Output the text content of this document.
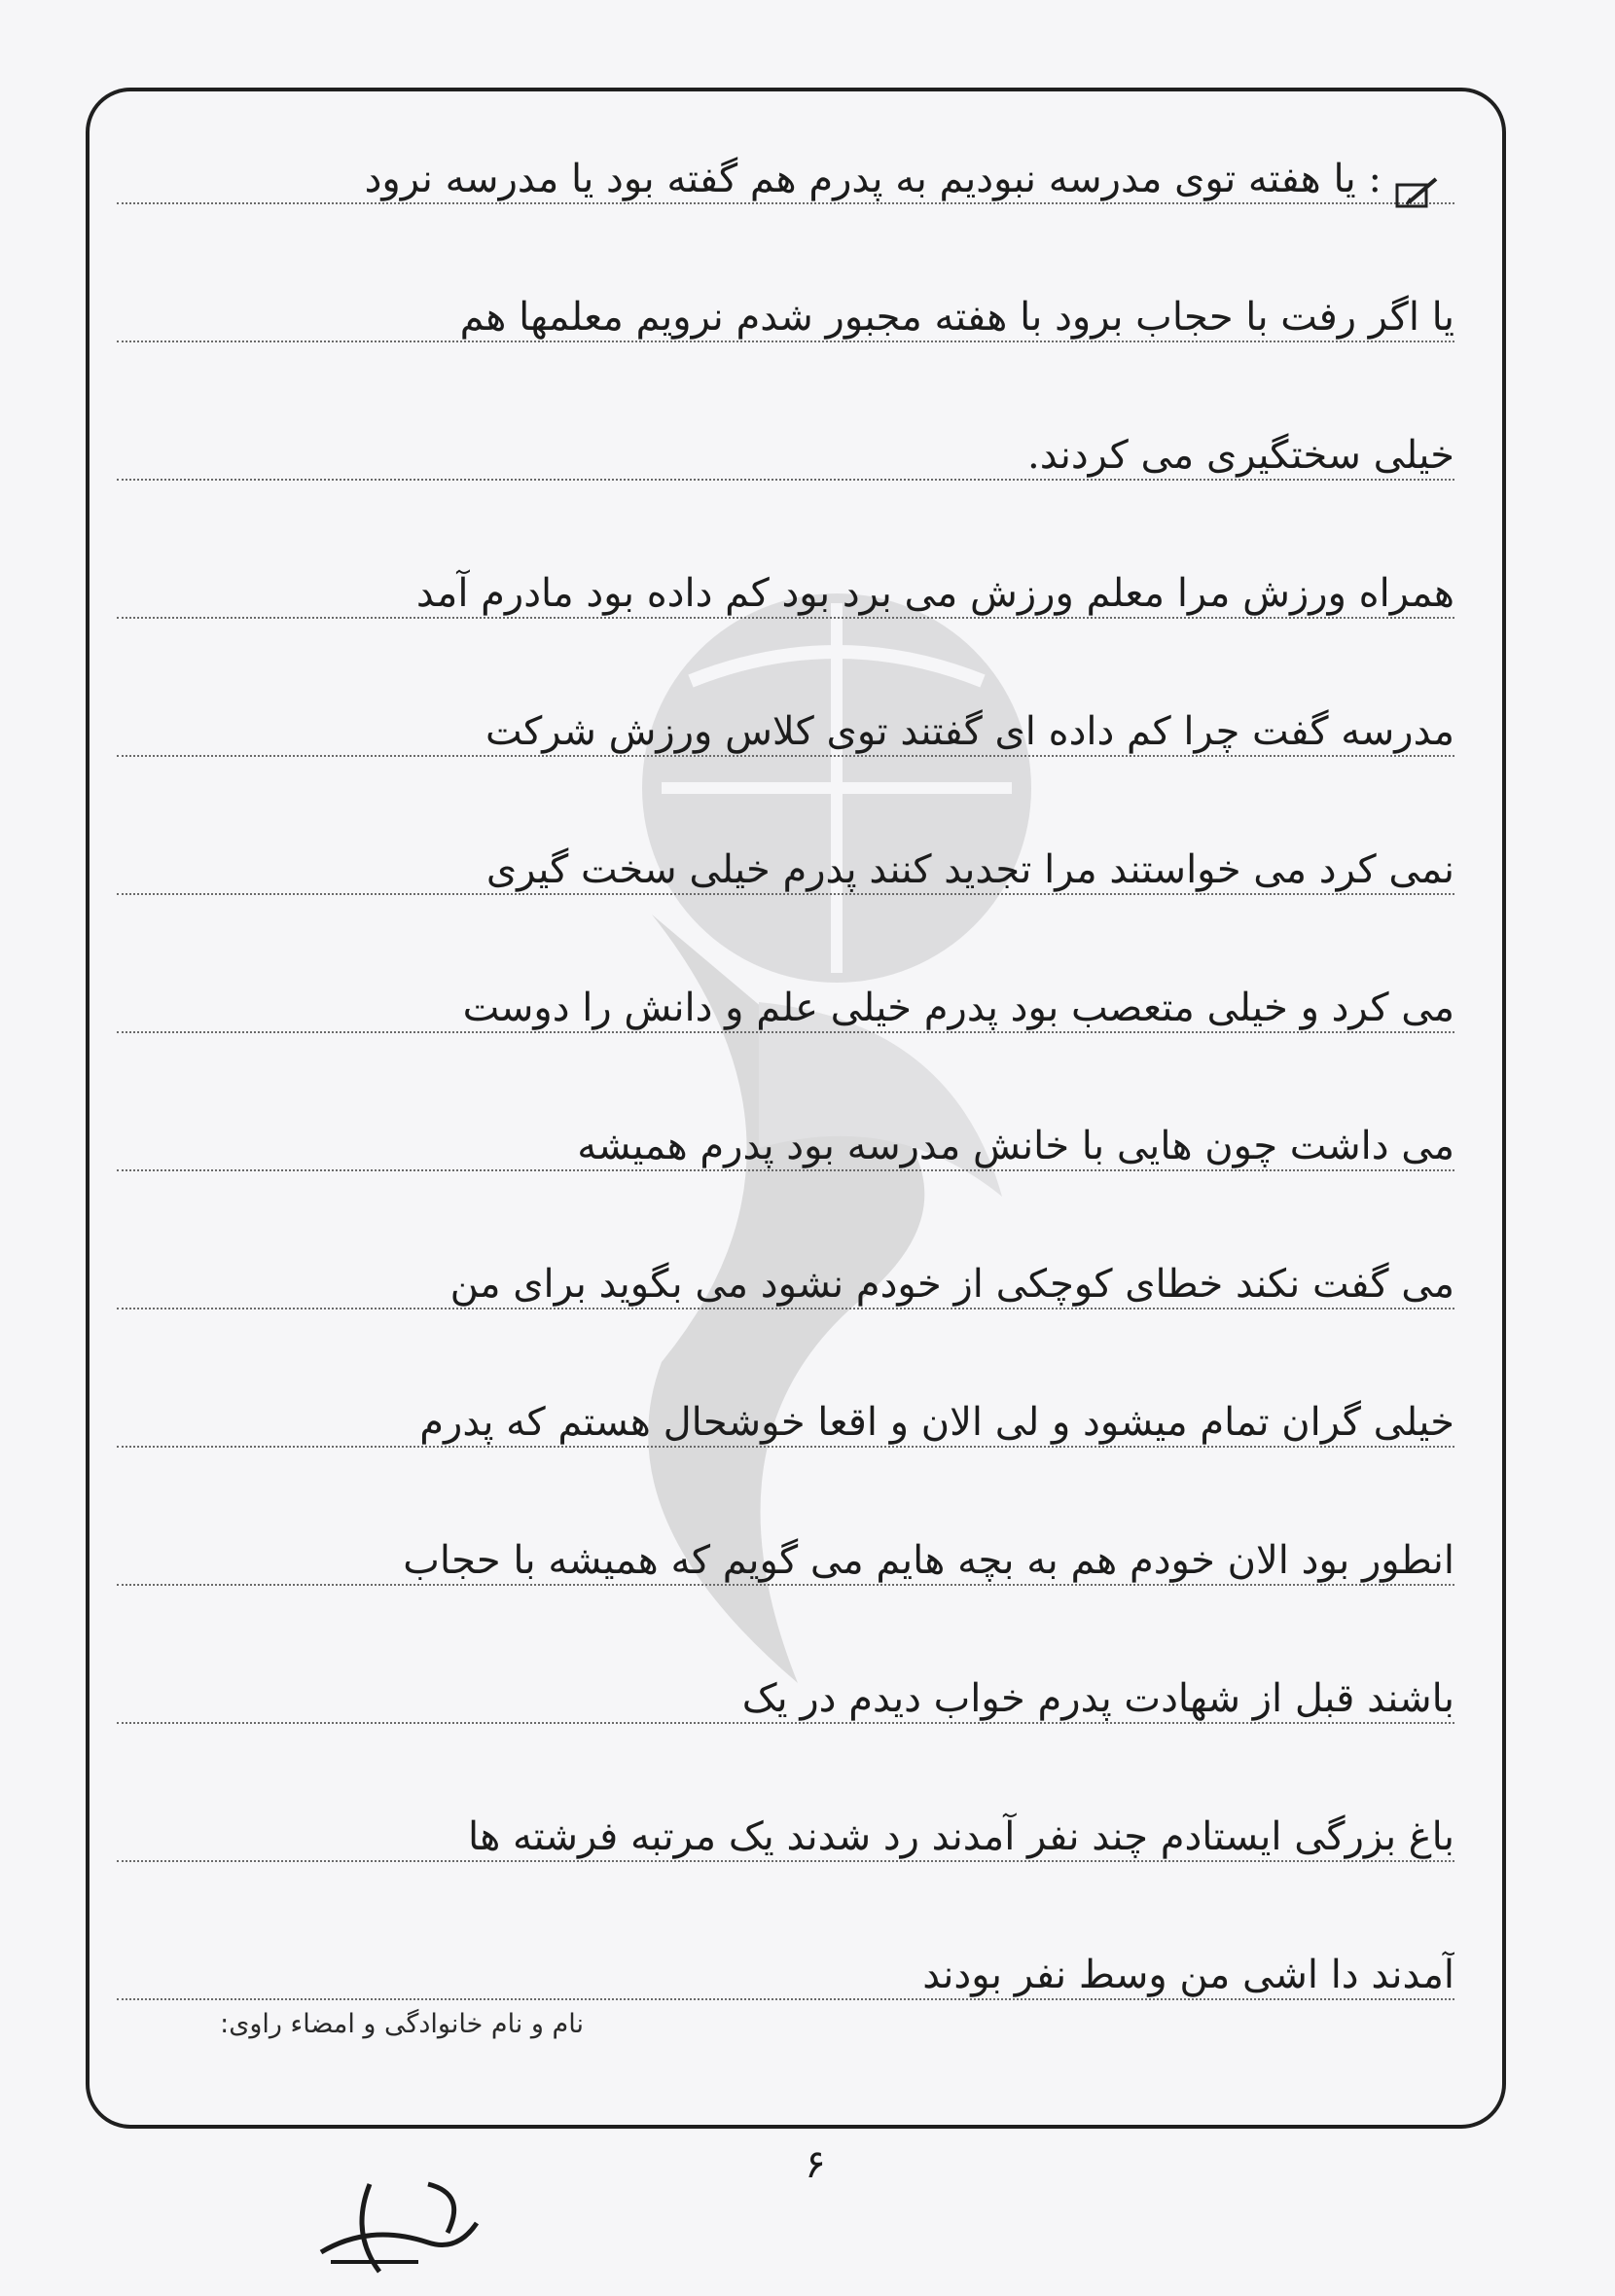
: یا هفته توی مدرسه نبودیم به پدرم هم گفته بود یا مدرسه نرود
یا اگر رفت با حجاب برود با هفته مجبور شدم نرویم معلمها هم
خیلی سختگیری می کردند.
همراه ورزش مرا معلم ورزش می برد بود کم داده بود مادرم آمد
مدرسه گفت چرا کم داده ای گفتند توی کلاس ورزش شرکت
نمی کرد می خواستند مرا تجدید کنند پدرم خیلی سخت گیری
می کرد و خیلی متعصب بود پدرم خیلی علم و دانش را دوست
می داشت چون هایی با خانش مدرسه بود پدرم همیشه
می گفت نکند خطای کوچکی از خودم نشود می بگوید برای من
خیلی گران تمام میشود و لی الان و اقعا خوشحال هستم که پدرم
انطور بود الان خودم هم به بچه هایم می گویم که همیشه با حجاب
باشند قبل از شهادت پدرم خواب دیدم در یک
باغ بزرگی ایستادم چند نفر آمدند رد شدند یک مرتبه فرشته ها
آمدند دا اشی من وسط نفر بودند
نام و نام خانوادگی و امضاء راوی:
۶
